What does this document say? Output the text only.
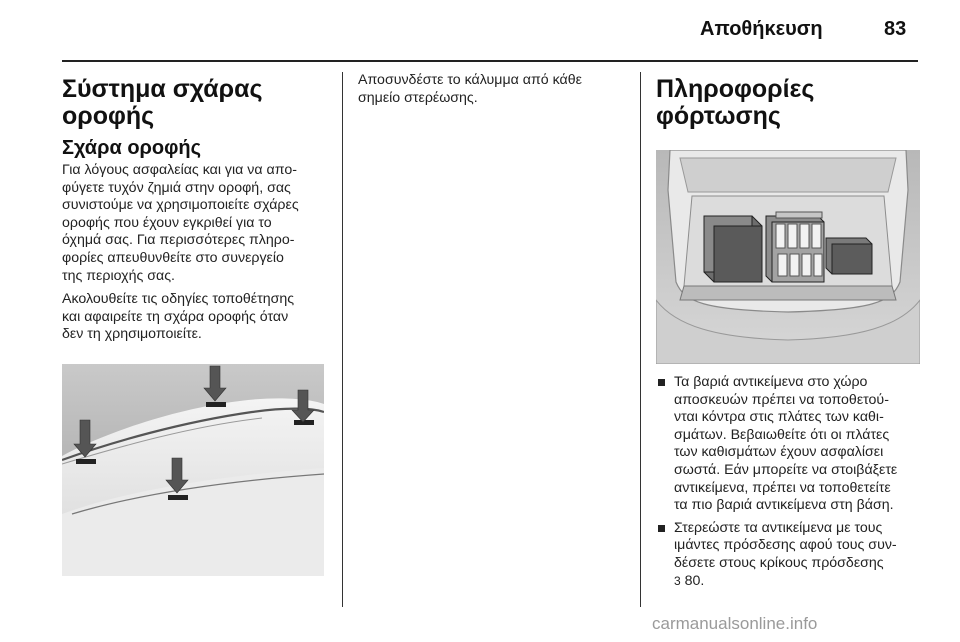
Αποθήκευση	83
Σύστημα σχάρας
οροφής
Σχάρα οροφής

Για λόγους ασφαλείας και για να απο-
φύγετε τυχόν ζημιά στην οροφή, σας
συνιστούμε να χρησιμοποιείτε σχάρες
οροφής που έχουν εγκριθεί για το
όχημά σας. Για περισσότερες πληρο-
φορίες απευθυνθείτε στο συνεργείο
της περιοχής σας.

Ακολουθείτε τις οδηγίες τοποθέτησης
και αφαιρείτε τη σχάρα οροφής όταν
δεν τη χρησιμοποιείτε.

Αποσυνδέστε το κάλυμμα από κάθε
σημείο στερέωσης.	Πληροφορίες
φόρτωσης
Τα βαριά αντικείμενα στο χώρο
αποσκευών πρέπει να τοποθετού-
νται κόντρα στις πλάτες των καθι-
σμάτων. Βεβαιωθείτε ότι οι πλάτες
των καθισμάτων έχουν ασφαλίσει
σωστά. Εάν μπορείτε να στοιβάξετε
αντικείμενα, πρέπει να τοποθετείτε
τα πιο βαριά αντικείμενα στη βάση.
Στερεώστε τα αντικείμενα με τους
ιμάντες πρόσδεσης αφού τους συν-
δέσετε στους κρίκους πρόσδεσης
3 80.
carmanualsonline.info
